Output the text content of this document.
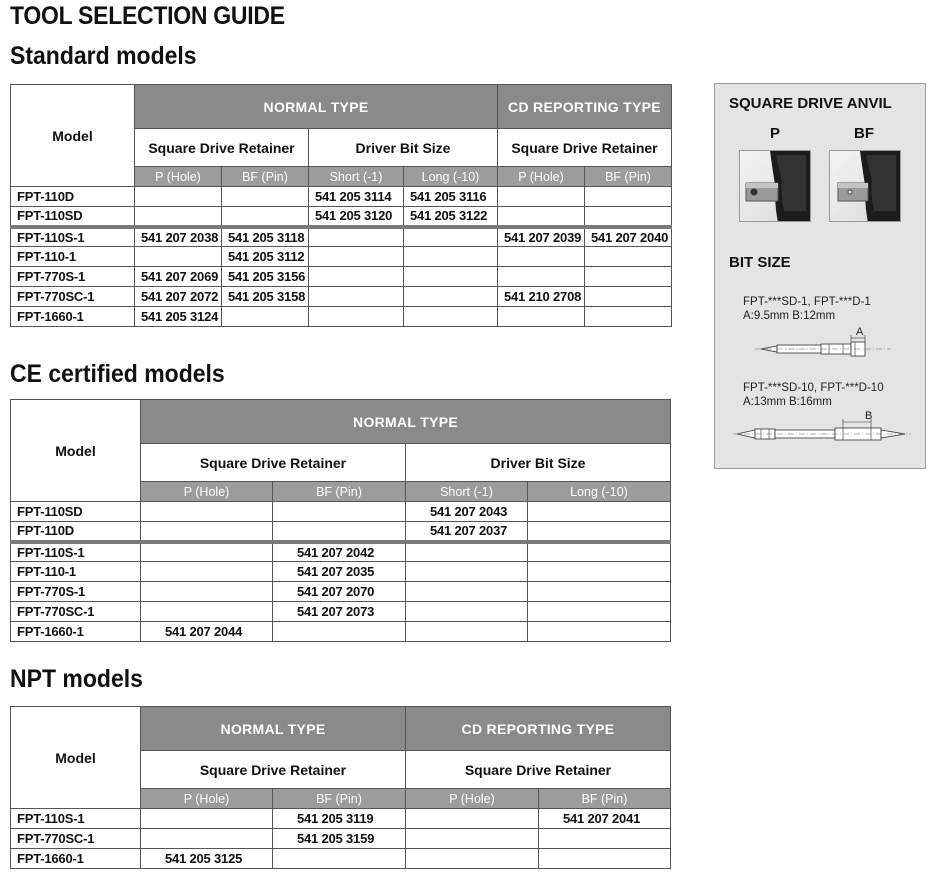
TOOL SELECTION GUIDE
Standard models
Model	NORMAL TYPE				CD REPORTING TYPE	
	Square Drive Retainer		Driver Bit Size		Square Drive Retainer	
	P (Hole)	BF (Pin)	Short (-1)	Long (-10)	P (Hole)	BF (Pin)
FPT-110D			541 205 3114	541 205 3116		
FPT-110SD			541 205 3120	541 205 3122		
FPT-110S-1	541 207 2038	541 205 3118			541 207 2039	541 207 2040
FPT-110-1		541 205 3112				
FPT-770S-1	541 207 2069	541 205 3156				
FPT-770SC-1	541 207 2072	541 205 3158			541 210 2708	
FPT-1660-1	541 205 3124					
CE certified models
Model	NORMAL TYPE			
	Square Drive Retainer		Driver Bit Size	
	P (Hole)	BF (Pin)	Short (-1)	Long (-10)
FPT-110SD			541 207 2043	
FPT-110D			541 207 2037	
FPT-110S-1		541 207 2042		
FPT-110-1		541 207 2035		
FPT-770S-1		541 207 2070		
FPT-770SC-1		541 207 2073		
FPT-1660-1	541 207 2044			
NPT models
Model	NORMAL TYPE		CD REPORTING TYPE	
	Square Drive Retainer		Square Drive Retainer	
	P (Hole)	BF (Pin)	P (Hole)	BF (Pin)
FPT-110S-1		541 205 3119		541 207 2041
FPT-770SC-1		541 205 3159		
FPT-1660-1	541 205 3125			
SQUARE DRIVE ANVIL
P	BF
BIT SIZE
FPT-***SD-1, FPT-***D-1
A:9.5mm B:12mm
A
FPT-***SD-10, FPT-***D-10
A:13mm B:16mm
B
